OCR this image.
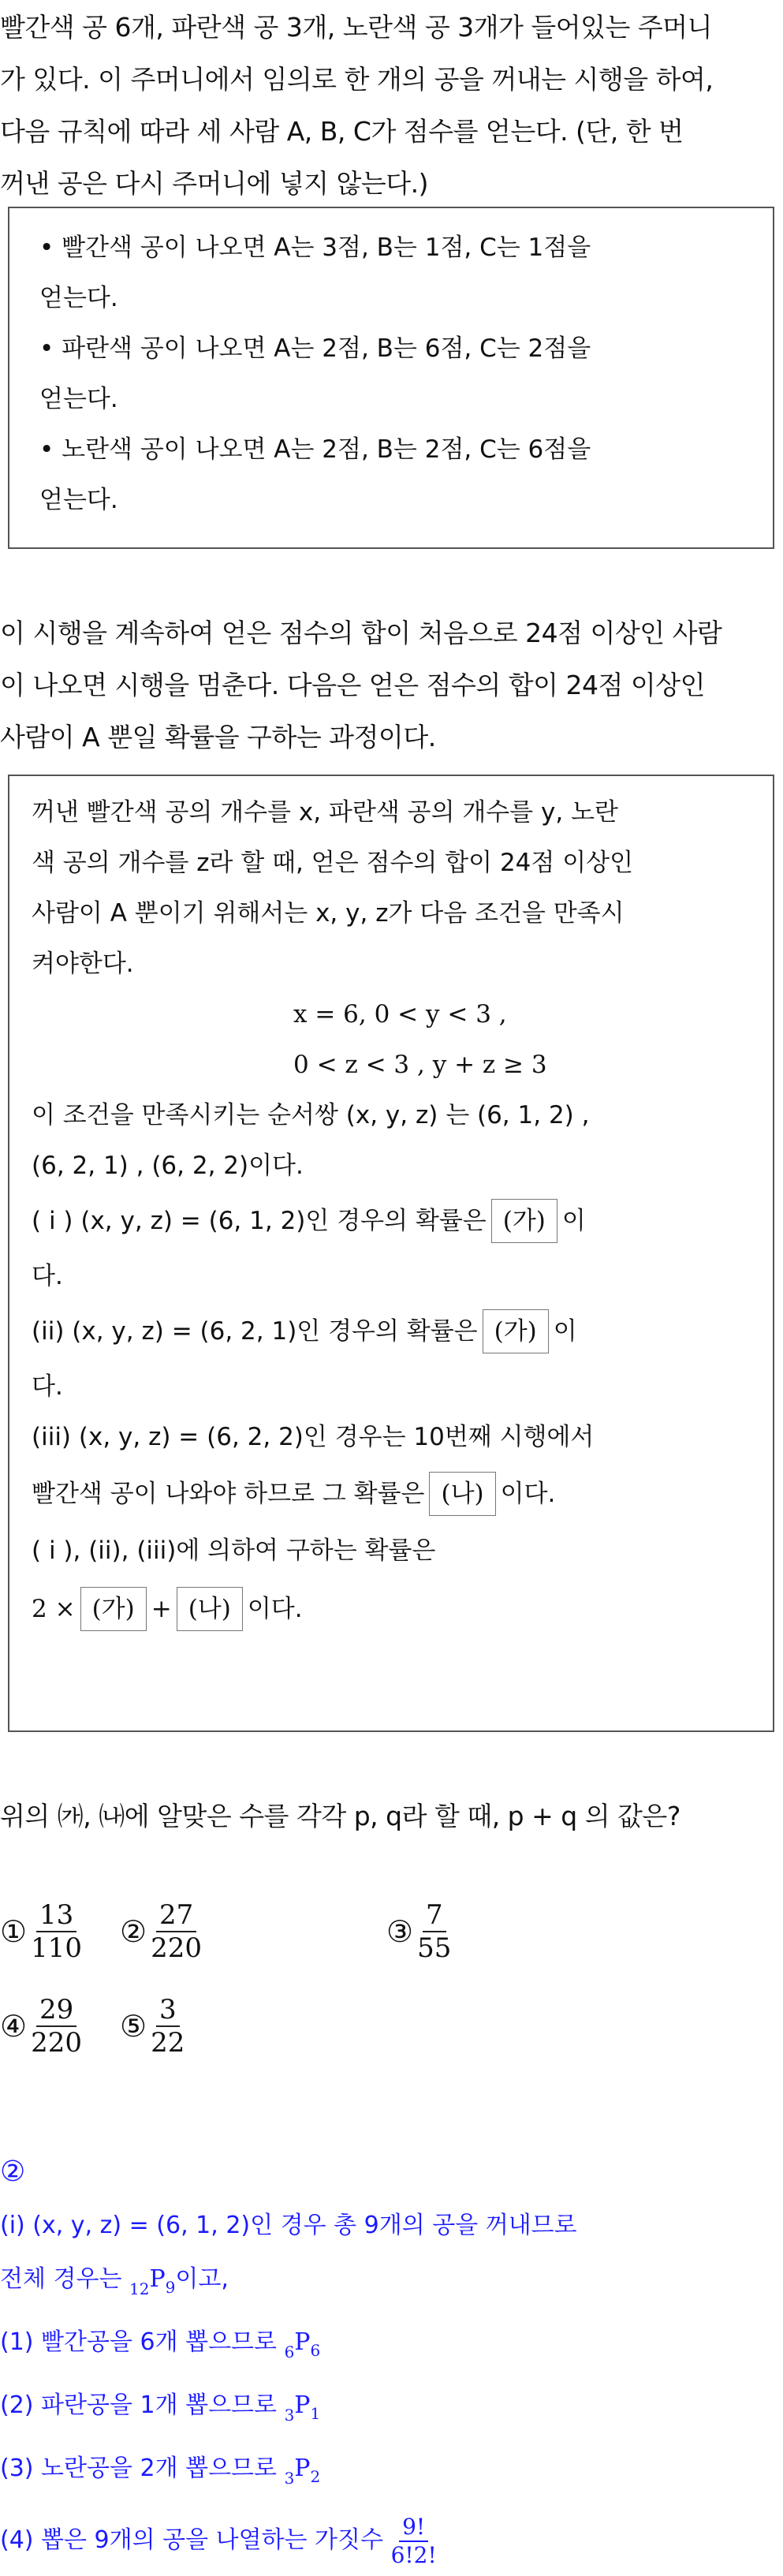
빨간색 공 6개, 파란색 공 3개, 노란색 공 3개가 들어있는 주머니

가 있다. 이 주머니에서 임의로 한 개의 공을 꺼내는 시행을 하여,

다음 규칙에 따라 세 사람 A, B, C가 점수를 얻는다. (단, 한 번

꺼낸 공은 다시 주머니에 넣지 않는다.)

• 빨간색 공이 나오면 A는 3점, B는 1점, C는 1점을

얻는다.

• 파란색 공이 나오면 A는 2점, B는 6점, C는 2점을

얻는다.

• 노란색 공이 나오면 A는 2점, B는 2점, C는 6점을

얻는다.

이 시행을 계속하여 얻은 점수의 합이 처음으로 24점 이상인 사람

이 나오면 시행을 멈춘다. 다음은 얻은 점수의 합이 24점 이상인

사람이 A 뿐일 확률을 구하는 과정이다.

꺼낸 빨간색 공의 개수를 x, 파란색 공의 개수를 y, 노란

색 공의 개수를 z라 할 때, 얻은 점수의 합이 24점 이상인

사람이 A 뿐이기 위해서는 x, y, z가 다음 조건을 만족시

켜야한다.

x = 6, 0 < y < 3 ,

0 < z < 3 , y + z ≥ 3

이 조건을 만족시키는 순서쌍 (x, y, z) 는 (6, 1, 2) ,

(6, 2, 1) , (6, 2, 2)이다.

( i ) (x, y, z) = (6, 1, 2)인 경우의 확률은 (가) 이

다.

(ii) (x, y, z) = (6, 2, 1)인 경우의 확률은 (가) 이

다.

(iii) (x, y, z) = (6, 2, 2)인 경우는 10번째 시행에서

빨간색 공이 나와야 하므로 그 확률은 (나) 이다.

( i ), (ii), (iii)에 의하여 구하는 확률은

2 × (가) + (나) 이다.

위의 ㈎, ㈏에 알맞은 수를 각각 p, q라 할 때, p + q 의 값은?

① $\frac{13}{110}$ ② $\frac{27}{220}$	③ $\frac{7}{55}$
④ $\frac{29}{220}$ ⑤ $\frac{3}{22}$

②

(i) (x, y, z) = (6, 1, 2)인 경우 총 9개의 공을 꺼내므로

전체 경우는 $_{12}P_9$이고,

(1) 빨간공을 6개 뽑으므로 $_6P_6$

(2) 파란공을 1개 뽑으므로 $_3P_1$

(3) 노란공을 2개 뽑으므로 $_3P_2$

(4) 뽑은 9개의 공을 나열하는 가짓수 $\frac{9!}{6!2!}$
